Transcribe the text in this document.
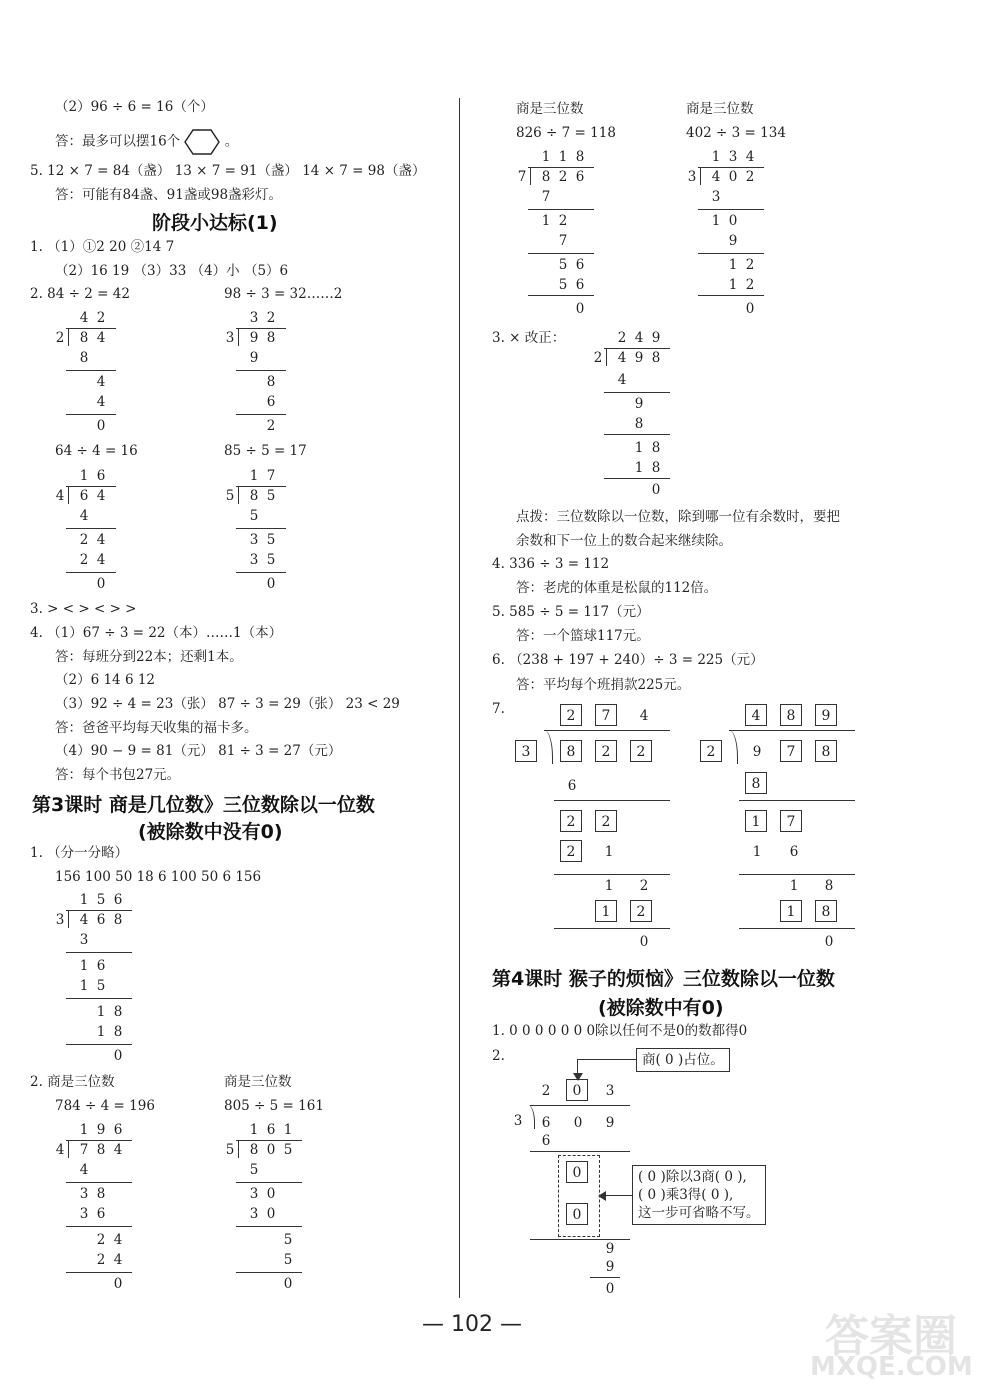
（2）96 ÷ 6 = 16（个）
答：最多可以摆16个	。
5. 12 × 7 = 84（盏） 13 × 7 = 91（盏） 14 × 7 = 98（盏）
答：可能有84盏、91盏或98盏彩灯。
阶段小达标(1)
1. （1）①2 20 ②14 7
（2）16 19 （3）33 （4）小 （5）6
2. 84 ÷ 2 = 42	98 ÷ 3 = 32……2
4 2
2 8 4
8
4
4
0
3 2
3 9 8
9
8
6
2
64 ÷ 4 = 16	85 ÷ 5 = 17
1 6
4 6 4
4
2 4
2 4
0
1 7
5 8 5
5
3 5
3 5
0
3. > < > < > >
4. （1）67 ÷ 3 = 22（本）……1（本）
答：每班分到22本；还剩1本。
（2）6 14 6 12
（3）92 ÷ 4 = 23（张） 87 ÷ 3 = 29（张） 23 < 29
答：爸爸平均每天收集的福卡多。
（4）90 − 9 = 81（元） 81 ÷ 3 = 27（元）
答：每个书包27元。
第3课时 商是几位数》三位数除以一位数
(被除数中没有0)
1. （分一分略）
156 100 50 18 6 100 50 6 156
1 5 6
3 4 6 8
3
1 6
1 5
1 8
1 8
0
2. 商是三位数	商是三位数
784 ÷ 4 = 196	805 ÷ 5 = 161
1 9 6
4 7 8 4
4
3 8
3 6
2 4
2 4
0
1 6 1
5 8 0 5
5
3 0
3 0
5
5
0
商是三位数	商是三位数
826 ÷ 7 = 118	402 ÷ 3 = 134
1 1 8
7 8 2 6
7
1 2
7
5 6
5 6
0
1 3 4
3 4 0 2
3
1 0
9
1 2
1 2
0
3. × 改正：	2 4 9
2 4 9 8
4
9
8
1 8
1 8
0
点拨：三位数除以一位数，除到哪一位有余数时，要把
余数和下一位上的数合起来继续除。
4. 336 ÷ 3 = 112
答：老虎的体重是松鼠的112倍。
5. 585 ÷ 5 = 117（元）
答：一个篮球117元。
6. （238 + 197 + 240）÷ 3 = 225（元）
答：平均每个班捐款225元。
7.	2	7	4
3	8	2	2
6
2	2
2	1
1 2
1	2
0
4	8	9
2	9	7	8
8
1	7
1 6
1 8
1	8
0
第4课时 猴子的烦恼》三位数除以一位数
(被除数中有0)
1. 0 0 0 0 0 0 0除以任何不是0的数都得0
2.
2	0	3
3 6 0 9
6
0
0
9
9
0
商( 0 )占位。
( 0 )除以3商( 0 ),
( 0 )乘3得( 0 ),
这一步可省略不写。
— 102 —	答案圈
MXQE.COM
